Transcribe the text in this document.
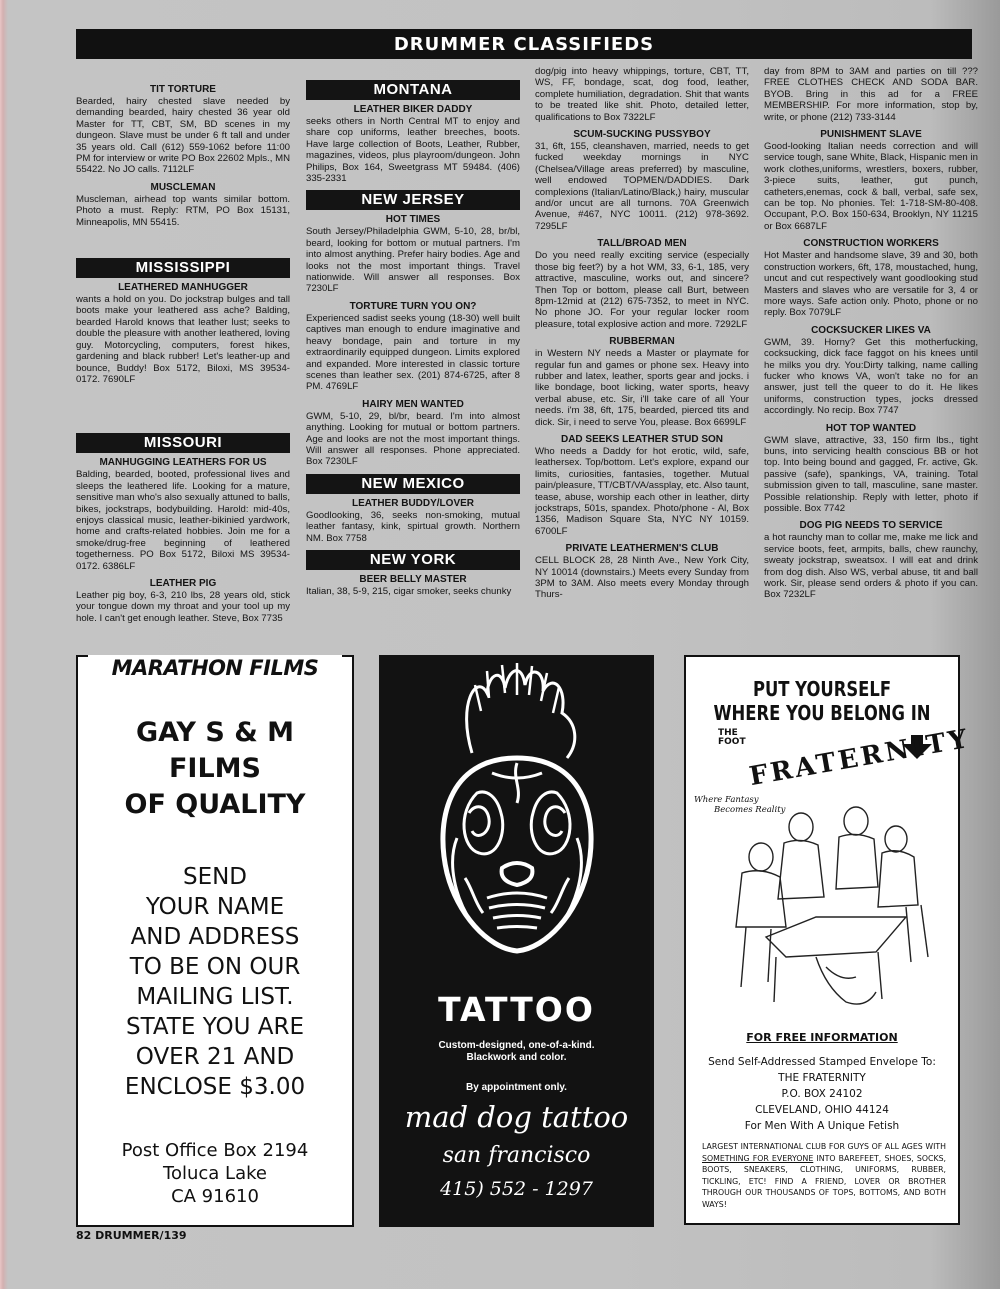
DRUMMER CLASSIFIEDS
TIT TORTURE
Bearded, hairy chested slave needed by demanding bearded, hairy chested 36 year old Master for TT, CBT, SM, BD scenes in my dungeon. Slave must be under 6 ft tall and under 35 years old. Call (612) 559-1062 before 11:00 PM for interview or write PO Box 22602 Mpls., MN 55422. No JO calls. 7112LF
MUSCLEMAN
Muscleman, airhead top wants similar bottom. Photo a must. Reply: RTM, PO Box 15131, Minneapolis, MN 55415.
MISSISSIPPI
LEATHERED MANHUGGER
wants a hold on you. Do jockstrap bulges and tall boots make your leathered ass ache? Balding, bearded Harold knows that leather lust; seeks to double the pleasure with another leathered, loving guy. Motorcycling, computers, forest hikes, gardening and black rubber! Let's leather-up and bounce, Buddy! Box 5172, Biloxi, MS 39534-0172. 7690LF
MISSOURI
MANHUGGING LEATHERS FOR US
Balding, bearded, booted, professional lives and sleeps the leathered life. Looking for a mature, sensitive man who's also sexually attuned to balls, bikes, jockstraps, bodybuilding. Harold: mid-40s, enjoys classical music, leather-bikinied yardwork, home and crafts-related hobbies. Join me for a smoke/drug-free beginning of leathered togetherness. PO Box 5172, Biloxi MS 39534-0172. 6386LF
LEATHER PIG
Leather pig boy, 6-3, 210 lbs, 28 years old, stick your tongue down my throat and your tool up my hole. I can't get enough leather. Steve, Box 7735
MONTANA
LEATHER BIKER DADDY
seeks others in North Central MT to enjoy and share cop uniforms, leather breeches, boots. Have large collection of Boots, Leather, Rubber, magazines, videos, plus playroom/dungeon. John Philips, Box 164, Sweetgrass MT 59484. (406) 335-2331
NEW JERSEY
HOT TIMES
South Jersey/Philadelphia GWM, 5-10, 28, br/bl, beard, looking for bottom or mutual partners. I'm into almost anything. Prefer hairy bodies. Age and looks not the most important things. Travel nationwide. Will answer all responses. Box 7230LF
TORTURE TURN YOU ON?
Experienced sadist seeks young (18-30) well built captives man enough to endure imaginative and heavy bondage, pain and torture in my extraordinarily equipped dungeon. Limits explored and expanded. More interested in classic torture scenes than leather sex. (201) 874-6725, after 8 PM. 4769LF
HAIRY MEN WANTED
GWM, 5-10, 29, bl/br, beard. I'm into almost anything. Looking for mutual or bottom partners. Age and looks are not the most important things. Will answer all responses. Phone appreciated. Box 7230LF
NEW MEXICO
LEATHER BUDDY/LOVER
Goodlooking, 36, seeks non-smoking, mutual leather fantasy, kink, spirtual growth. Northern NM. Box 7758
NEW YORK
BEER BELLY MASTER
Italian, 38, 5-9, 215, cigar smoker, seeks chunky
dog/pig into heavy whippings, torture, CBT, TT, WS, FF, bondage, scat, dog food, leather, complete humiliation, degradation. Shit that wants to be treated like shit. Photo, detailed letter, qualifications to Box 7322LF
SCUM-SUCKING PUSSYBOY
31, 6ft, 155, cleanshaven, married, needs to get fucked weekday mornings in NYC (Chelsea/Village areas preferred) by masculine, well endowed TOPMEN/DADDIES. Dark complexions (Italian/Latino/Black,) hairy, muscular and/or uncut are all turnons. 70A Greenwich Avenue, #467, NYC 10011. (212) 978-3692. 7295LF
TALL/BROAD MEN
Do you need really exciting service (especially those big feet?) by a hot WM, 33, 6-1, 185, very attractive, masculine, works out, and sincere? Then Top or bottom, please call Burt, between 8pm-12mid at (212) 675-7352, to meet in NYC. No phone JO. For your regular locker room pleasure, total explosive action and more. 7292LF
RUBBERMAN
in Western NY needs a Master or playmate for regular fun and games or phone sex. Heavy into rubber and latex, leather, sports gear and jocks. i like bondage, boot licking, water sports, heavy verbal abuse, etc. Sir, i'll take care of all Your needs. i'm 38, 6ft, 175, bearded, pierced tits and dick. Sir, i need to serve You, please. Box 6699LF
DAD SEEKS LEATHER STUD SON
Who needs a Daddy for hot erotic, wild, safe, leathersex. Top/bottom. Let's explore, expand our limits, curiosities, fantasies, together. Mutual pain/pleasure, TT/CBT/VA/assplay, etc. Also taunt, tease, abuse, worship each other in leather, dirty jockstraps, 501s, spandex. Photo/phone - Al, Box 1356, Madison Square Sta, NYC NY 10159. 6700LF
PRIVATE LEATHERMEN'S CLUB
CELL BLOCK 28, 28 Ninth Ave., New York City, NY 10014 (downstairs.) Meets every Sunday from 3PM to 3AM. Also meets every Monday through Thurs-
day from 8PM to 3AM and parties on till ??? FREE CLOTHES CHECK AND SODA BAR. BYOB. Bring in this ad for a FREE MEMBERSHIP. For more information, stop by, write, or phone (212) 733-3144
PUNISHMENT SLAVE
Good-looking Italian needs correction and will service tough, sane White, Black, Hispanic men in work clothes,uniforms, wrestlers, boxers, rubber, 3-piece suits, leather, gut punch, catheters,enemas, cock & ball, verbal, safe sex, can be top. No phonies. Tel: 1-718-SM-80-408. Occupant, P.O. Box 150-634, Brooklyn, NY 11215 or Box 6687LF
CONSTRUCTION WORKERS
Hot Master and handsome slave, 39 and 30, both construction workers, 6ft, 178, moustached, hung, uncut and cut respectively want goodlooking stud Masters and slaves who are versatile for 3, 4 or more ways. Safe action only. Photo, phone or no reply. Box 7079LF
COCKSUCKER LIKES VA
GWM, 39. Horny? Get this motherfucking, cocksucking, dick face faggot on his knees until he milks you dry. You:Dirty talking, name calling fucker who knows VA, won't take no for an answer, just tell the queer to do it. He likes uniforms, construction types, jocks dressed accordingly. No recip. Box 7747
HOT TOP WANTED
GWM slave, attractive, 33, 150 firm lbs., tight buns, into servicing health conscious BB or hot top. Into being bound and gagged, Fr. active, Gk. passive (safe), spankings, VA, training. Total submission given to tall, masculine, sane master. Possible relationship. Reply with letter, photo if possible. Box 7742
DOG PIG NEEDS TO SERVICE
a hot raunchy man to collar me, make me lick and service boots, feet, armpits, balls, chew raunchy, sweaty jockstrap, sweatsox. I will eat and drink from dog dish. Also WS, verbal abuse, tit and ball work. Sir, please send orders & photo if you can. Box 7232LF
MARATHON FILMS
GAY S & M
FILMS
OF QUALITY
SEND
YOUR NAME
AND ADDRESS
TO BE ON OUR
MAILING LIST.
STATE YOU ARE
OVER 21 AND
ENCLOSE $3.00
Post Office Box 2194
Toluca Lake
CA 91610
TATTOO
Custom-designed, one-of-a-kind.
Blackwork and color.
By appointment only.
mad dog tattoo
san francisco
415) 552 - 1297
PUT YOURSELF
WHERE YOU BELONG IN
THE
FOOT FRATERNITY
Where Fantasy
Becomes Reality
FOR FREE INFORMATION
Send Self-Addressed Stamped Envelope To:
THE FRATERNITY
P.O. BOX 24102
CLEVELAND, OHIO 44124
For Men With A Unique Fetish
LARGEST INTERNATIONAL CLUB FOR GUYS OF ALL AGES WITH SOMETHING FOR EVERYONE INTO BAREFEET, SHOES, SOCKS, BOOTS, SNEAKERS, CLOTHING, UNIFORMS, RUBBER, TICKLING, ETC! FIND A FRIEND, LOVER OR BROTHER THROUGH OUR THOUSANDS OF TOPS, BOTTOMS, AND BOTH WAYS!
82 DRUMMER/139
